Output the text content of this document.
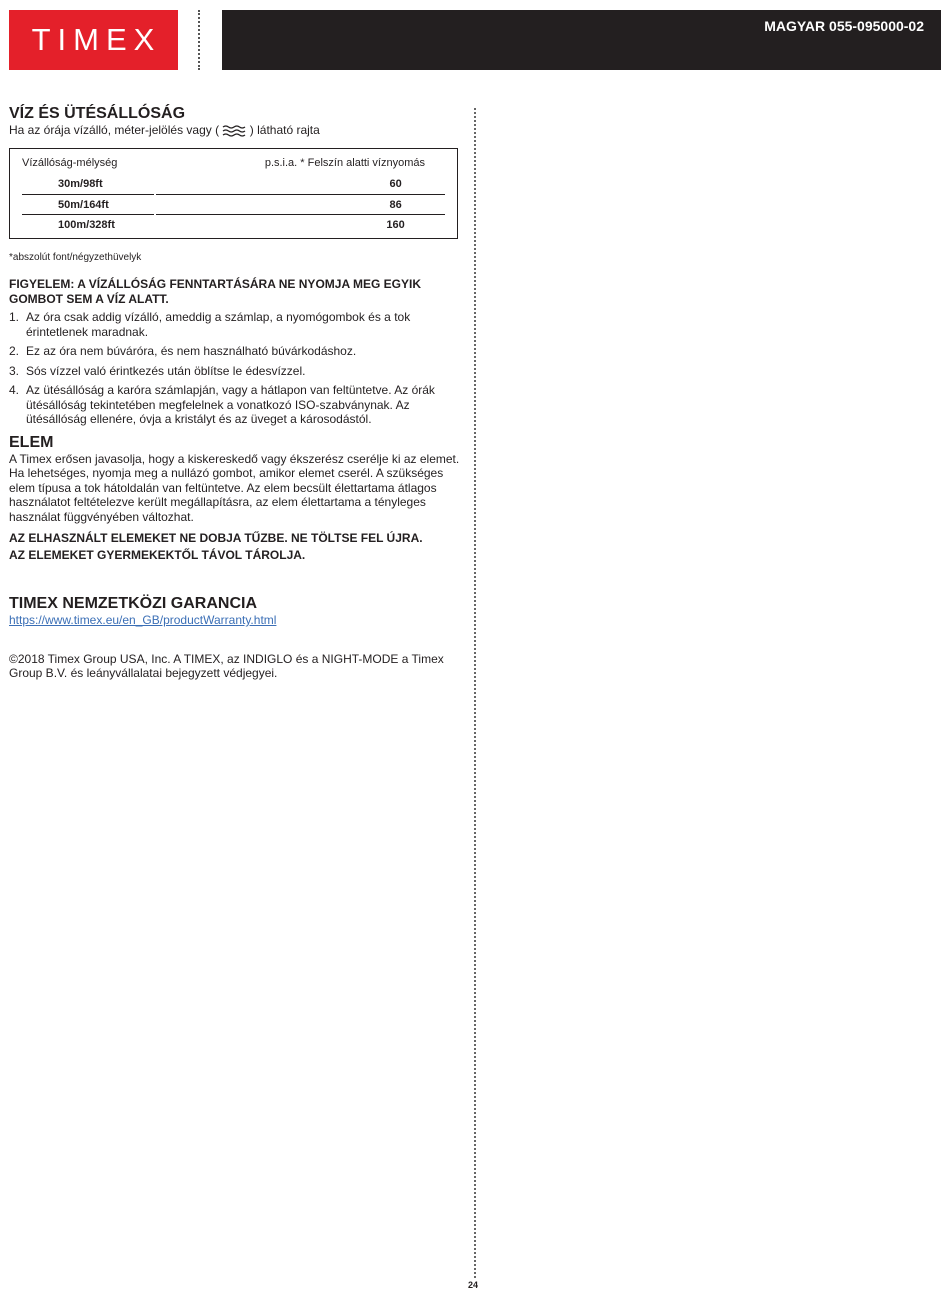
TIMEX	MAGYAR 055-095000-02
VÍZ ÉS ÜTÉSÁLLÓSÁG

Ha az órája vízálló, méter-jelölés vagy (	) látható rajta

Vízállóság-mélység	p.s.i.a. * Felszín alatti víznyomás
30m/98ft	60
50m/164ft	86
100m/328ft	160

*abszolút font/négyzethüvelyk

FIGYELEM: A VÍZÁLLÓSÁG FENNTARTÁSÁRA NE NYOMJA MEG EGYIK GOMBOT SEM A VÍZ ALATT.

1. Az óra csak addig vízálló, ameddig a számlap, a nyomógombok és a tok érintetlenek maradnak.
2. Ez az óra nem búváróra, és nem használható búvárkodáshoz.
3. Sós vízzel való érintkezés után öblítse le édesvízzel.
4. Az ütésállóság a karóra számlapján, vagy a hátlapon van feltüntetve. Az órák ütésállóság tekintetében megfelelnek a vonatkozó ISO-szabványnak. Az ütésállóság ellenére, óvja a kristályt és az üveget a károsodástól.
ELEM

A Timex erősen javasolja, hogy a kiskereskedő vagy ékszerész cserélje ki az elemet. Ha lehetséges, nyomja meg a nullázó gombot, amikor elemet cserél. A szükséges elem típusa a tok hátoldalán van feltüntetve. Az elem becsült élettartama átlagos használatot feltételezve került megállapításra, az elem élettartama a tényleges használat függvényében változhat.

AZ ELHASZNÁLT ELEMEKET NE DOBJA TŰZBE. NE TÖLTSE FEL ÚJRA.

AZ ELEMEKET GYERMEKEKTŐL TÁVOL TÁROLJA.

TIMEX NEMZETKÖZI GARANCIA

https://www.timex.eu/en_GB/productWarranty.html

©2018 Timex Group USA, Inc. A TIMEX, az INDIGLO és a NIGHT-MODE a Timex Group B.V. és leányvállalatai bejegyzett védjegyei.

24
